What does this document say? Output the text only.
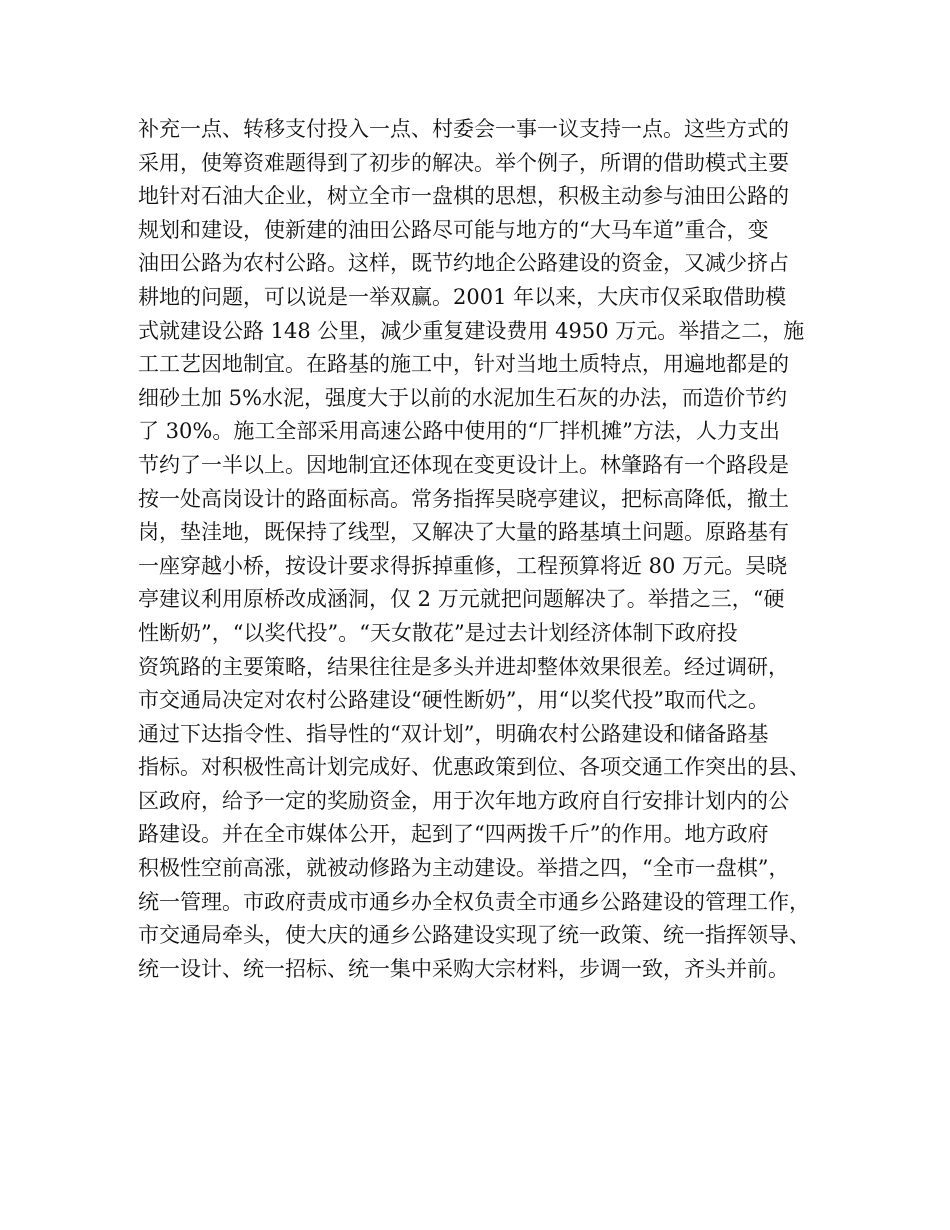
补充一点、转移支付投入一点、村委会一事一议支持一点。这些方式的
采用，使筹资难题得到了初步的解决。举个例子，所谓的借助模式主要
地针对石油大企业，树立全市一盘棋的思想，积极主动参与油田公路的
规划和建设，使新建的油田公路尽可能与地方的“大马车道”重合，变
油田公路为农村公路。这样，既节约地企公路建设的资金，又减少挤占
耕地的问题，可以说是一举双赢。2001 年以来，大庆市仅采取借助模
式就建设公路 148 公里，减少重复建设费用 4950 万元。举措之二，施
工工艺因地制宜。在路基的施工中，针对当地土质特点，用遍地都是的
细砂土加 5%水泥，强度大于以前的水泥加生石灰的办法，而造价节约
了 30%。施工全部采用高速公路中使用的“厂拌机摊”方法，人力支出
节约了一半以上。因地制宜还体现在变更设计上。林肇路有一个路段是
按一处高岗设计的路面标高。常务指挥吴晓亭建议，把标高降低，撤土
岗，垫洼地，既保持了线型，又解决了大量的路基填土问题。原路基有
一座穿越小桥，按设计要求得拆掉重修，工程预算将近 80 万元。吴晓
亭建议利用原桥改成涵洞，仅 2 万元就把问题解决了。举措之三，“硬
性断奶”，“以奖代投”。“天女散花”是过去计划经济体制下政府投
资筑路的主要策略，结果往往是多头并进却整体效果很差。经过调研，
市交通局决定对农村公路建设“硬性断奶”，用“以奖代投”取而代之。
通过下达指令性、指导性的“双计划”，明确农村公路建设和储备路基
指标。对积极性高计划完成好、优惠政策到位、各项交通工作突出的县、
区政府，给予一定的奖励资金，用于次年地方政府自行安排计划内的公
路建设。并在全市媒体公开，起到了“四两拨千斤”的作用。地方政府
积极性空前高涨，就被动修路为主动建设。举措之四，“全市一盘棋”，
统一管理。市政府责成市通乡办全权负责全市通乡公路建设的管理工作，
市交通局牵头，使大庆的通乡公路建设实现了统一政策、统一指挥领导、
统一设计、统一招标、统一集中采购大宗材料，步调一致，齐头并前。
